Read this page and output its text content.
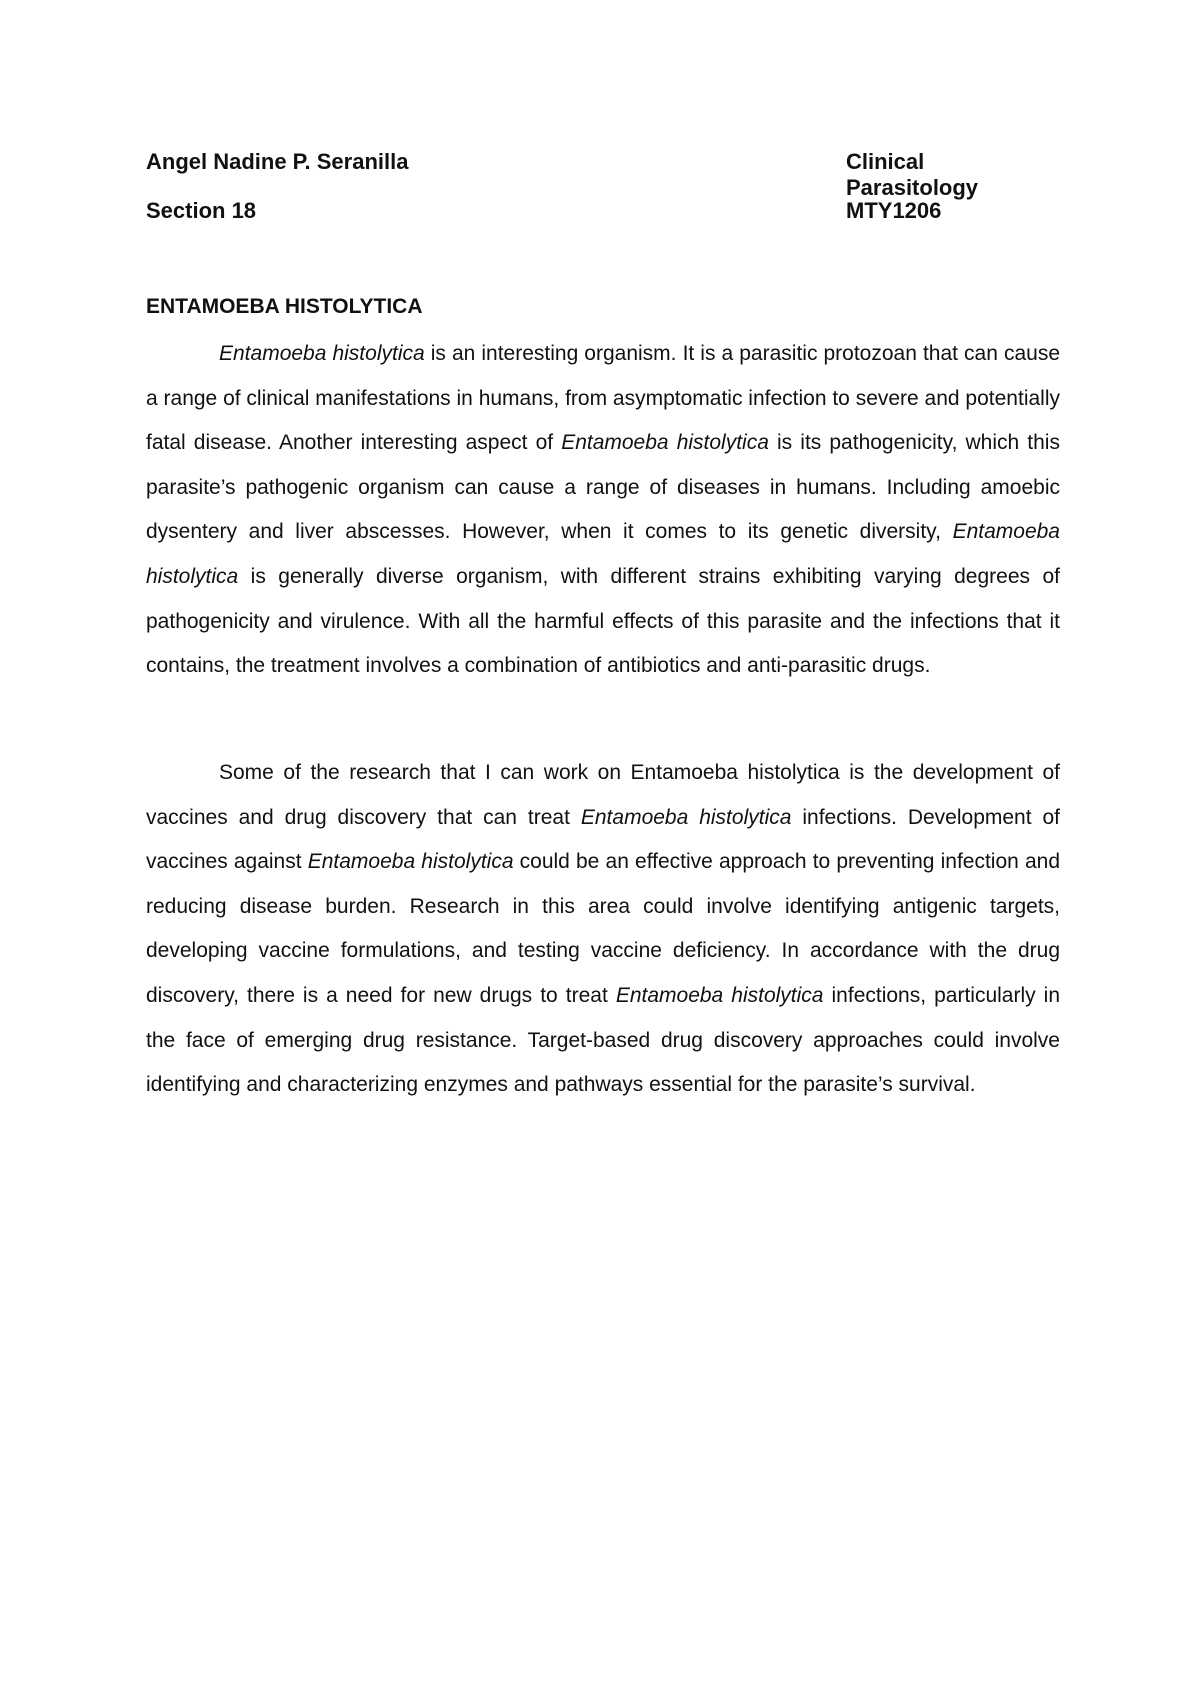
Angel Nadine P. Seranilla	Clinical Parasitology
Section 18	MTY1206
ENTAMOEBA HISTOLYTICA

Entamoeba histolytica is an interesting organism. It is a parasitic protozoan that can cause a range of clinical manifestations in humans, from asymptomatic infection to severe and potentially fatal disease. Another interesting aspect of Entamoeba histolytica is its pathogenicity, which this parasite’s pathogenic organism can cause a range of diseases in humans. Including amoebic dysentery and liver abscesses. However, when it comes to its genetic diversity, Entamoeba histolytica is generally diverse organism, with different strains exhibiting varying degrees of pathogenicity and virulence. With all the harmful effects of this parasite and the infections that it contains, the treatment involves a combination of antibiotics and anti-parasitic drugs.

Some of the research that I can work on Entamoeba histolytica is the development of vaccines and drug discovery that can treat Entamoeba histolytica infections. Development of vaccines against Entamoeba histolytica could be an effective approach to preventing infection and reducing disease burden. Research in this area could involve identifying antigenic targets, developing vaccine formulations, and testing vaccine deficiency. In accordance with the drug discovery, there is a need for new drugs to treat Entamoeba histolytica infections, particularly in the face of emerging drug resistance. Target-based drug discovery approaches could involve identifying and characterizing enzymes and pathways essential for the parasite’s survival.
